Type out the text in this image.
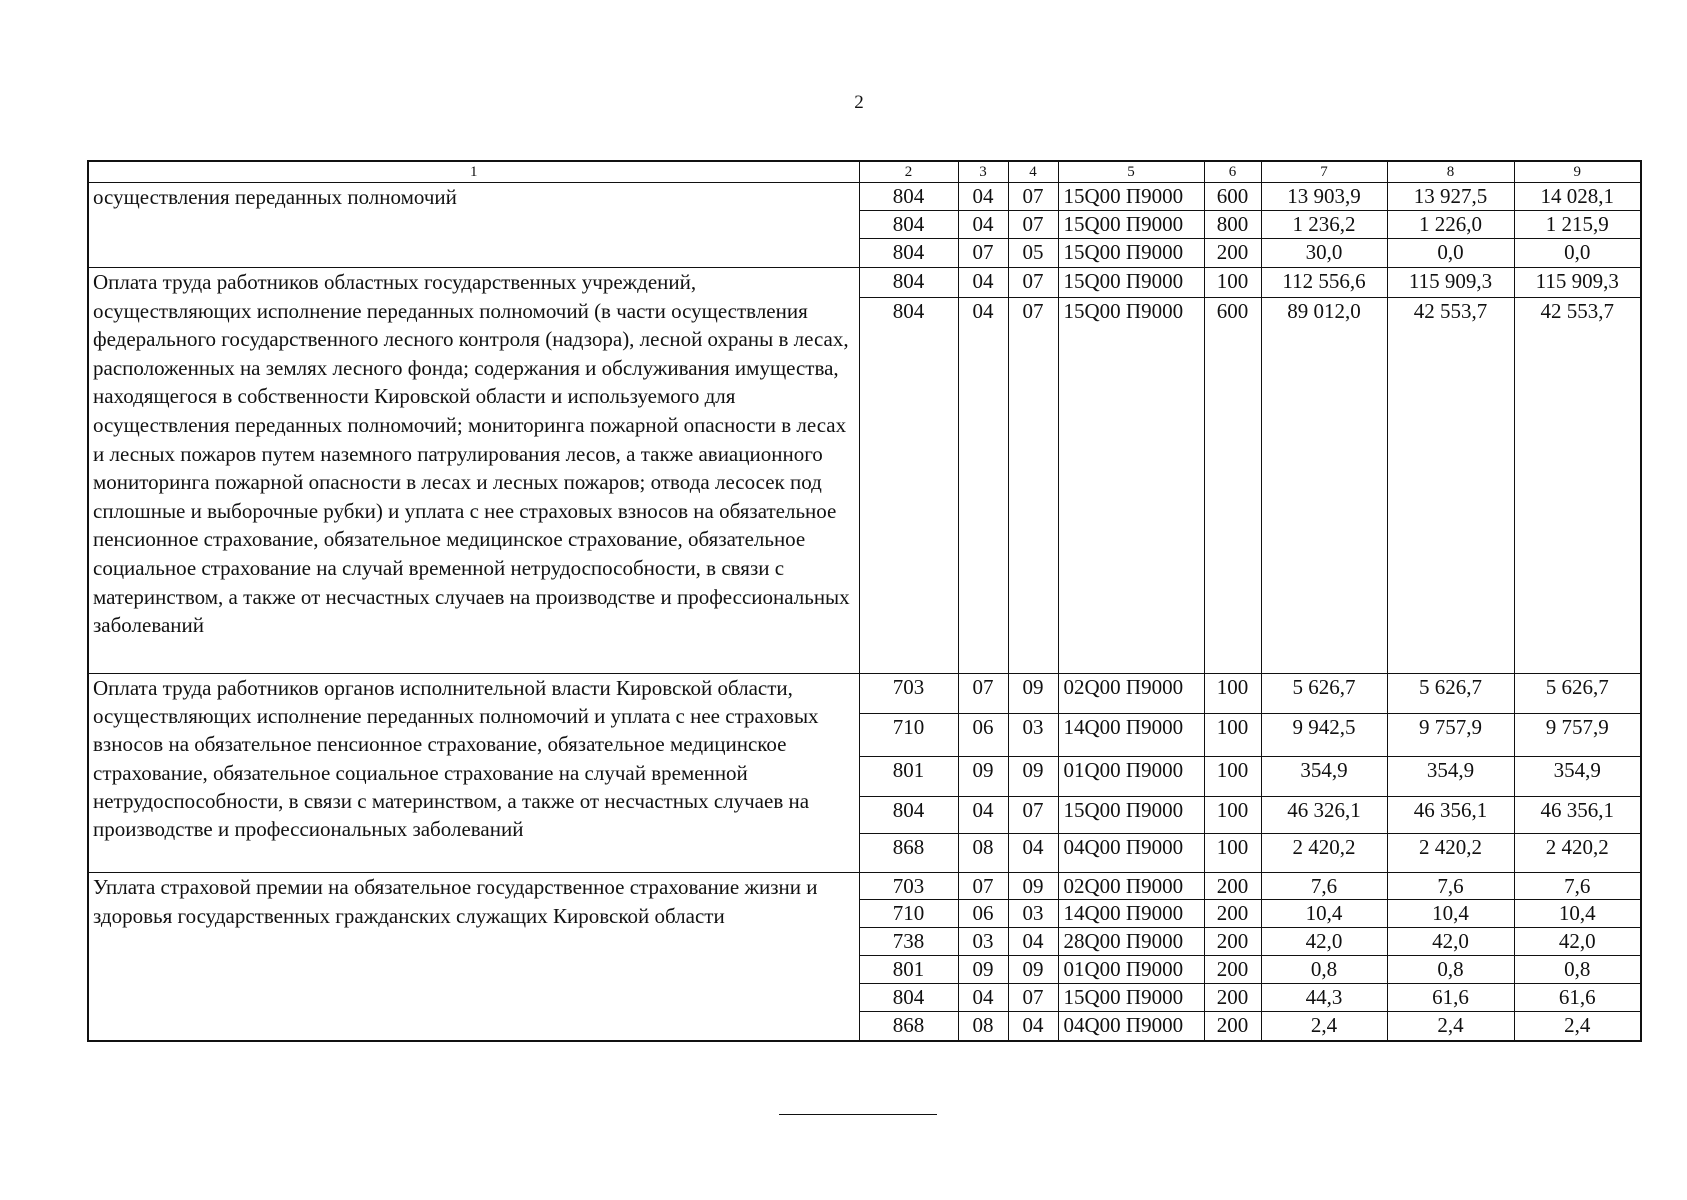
2
1	2	3	4	5	6	7	8	9
осуществления переданных полномочий	804	04	07	15Q00 П9000	600	13 903,9	13 927,5	14 028,1
	804	04	07	15Q00 П9000	800	1 236,2	1 226,0	1 215,9
	804	07	05	15Q00 П9000	200	30,0	0,0	0,0
Оплата труда работников областных государственных учреждений, осуществляющих исполнение переданных полномочий (в части осуществления федерального государственного лесного контроля (надзора), лесной охраны в лесах, расположенных на землях лесного фонда; содержания и обслуживания имущества, находящегося в собственности Кировской области и используемого для осуществления переданных полномочий; мониторинга пожарной опасности в лесах и лесных пожаров путем наземного патрулирования лесов, а также авиационного мониторинга пожарной опасности в лесах и лесных пожаров; отвода лесосек под сплошные и выборочные рубки) и уплата с нее страховых взносов на обязательное пенсионное страхование, обязательное медицинское страхование, обязательное социальное страхование на случай временной нетрудоспособности, в связи с материнством, а также от несчастных случаев на производстве и профессиональных заболеваний	804	04	07	15Q00 П9000	100	112 556,6	115 909,3	115 909,3
	804	04	07	15Q00 П9000	600	89 012,0	42 553,7	42 553,7
Оплата труда работников органов исполнительной власти Кировской области, осуществляющих исполнение переданных полномочий и уплата с нее страховых взносов на обязательное пенсионное страхование, обязательное медицинское страхование, обязательное социальное страхование на случай временной нетрудоспособности, в связи с материнством, а также от несчастных случаев на производстве и профессиональных заболеваний	703	07	09	02Q00 П9000	100	5 626,7	5 626,7	5 626,7
	710	06	03	14Q00 П9000	100	9 942,5	9 757,9	9 757,9
	801	09	09	01Q00 П9000	100	354,9	354,9	354,9
	804	04	07	15Q00 П9000	100	46 326,1	46 356,1	46 356,1
	868	08	04	04Q00 П9000	100	2 420,2	2 420,2	2 420,2
Уплата страховой премии на обязательное государственное страхование жизни и здоровья государственных гражданских служащих Кировской области	703	07	09	02Q00 П9000	200	7,6	7,6	7,6
	710	06	03	14Q00 П9000	200	10,4	10,4	10,4
	738	03	04	28Q00 П9000	200	42,0	42,0	42,0
	801	09	09	01Q00 П9000	200	0,8	0,8	0,8
	804	04	07	15Q00 П9000	200	44,3	61,6	61,6
	868	08	04	04Q00 П9000	200	2,4	2,4	2,4
